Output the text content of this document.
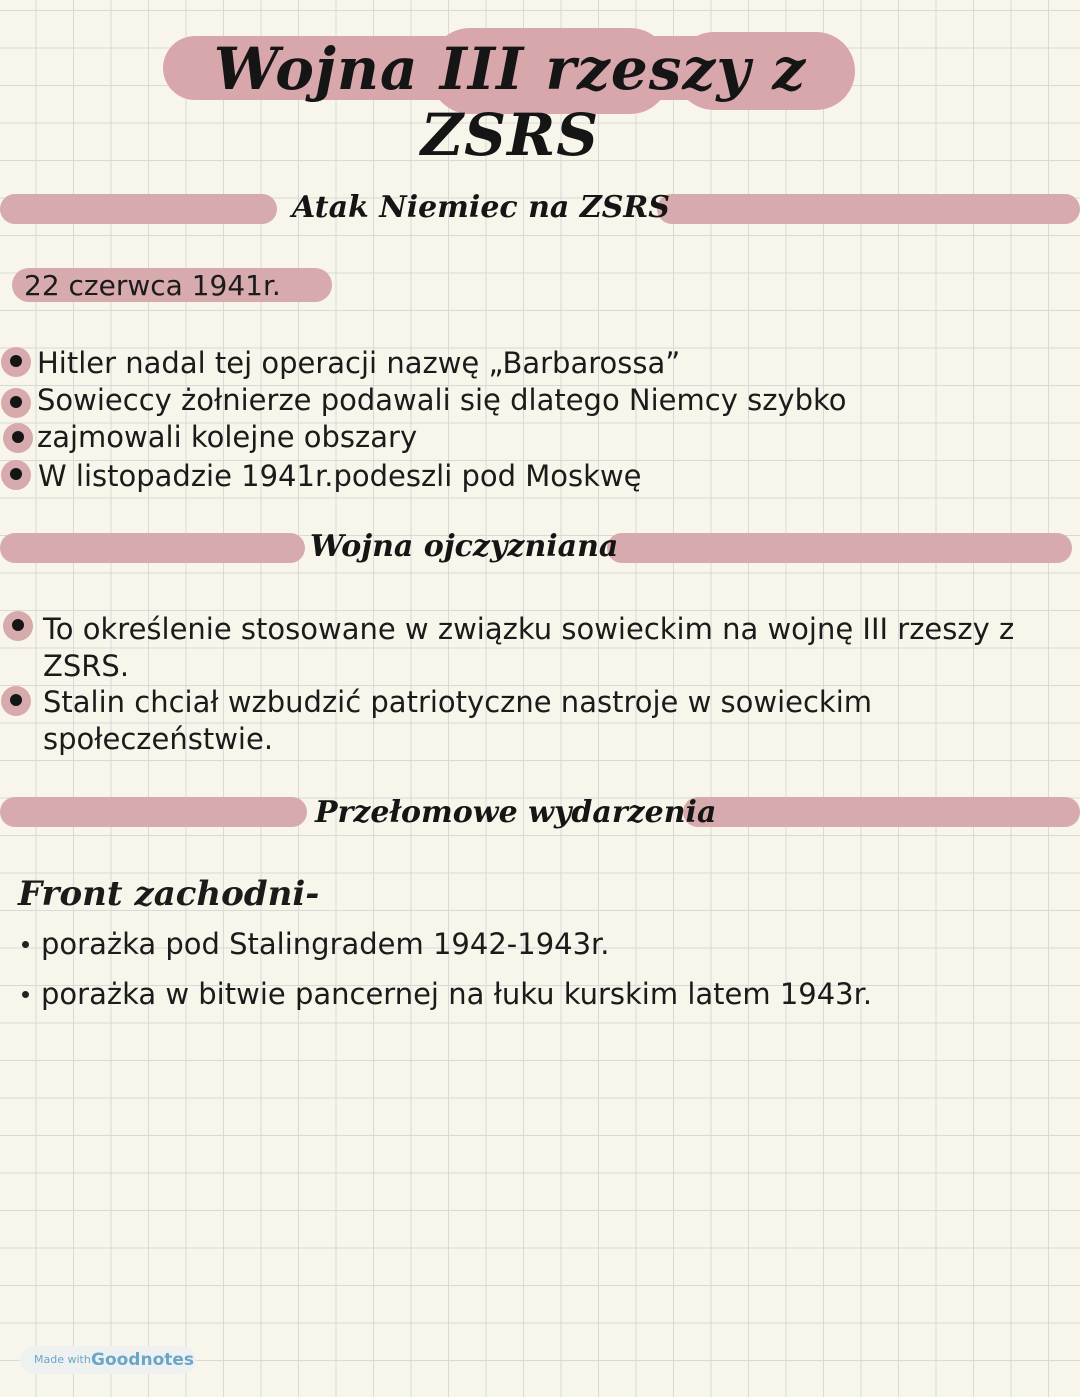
Wojna III rzeszy z ZSRS
Atak Niemiec na ZSRS
22 czerwca 1941r.
Hitler nadal tej operacji nazwę „Barbarossa”
Sowieccy żołnierze podawali się dlatego Niemcy szybko
zajmowali kolejne obszary
W listopadzie 1941r.podeszli pod Moskwę
Wojna ojczyzniana
To określenie stosowane w związku sowieckim na wojnę III rzeszy z
ZSRS.
Stalin chciał wzbudzić patriotyczne nastroje w sowieckim
społeczeństwie.
Przełomowe wydarzenia
Front zachodni-
porażka pod Stalingradem 1942-1943r.
porażka w bitwie pancernej na łuku kurskim latem 1943r.
Made with Goodnotes
